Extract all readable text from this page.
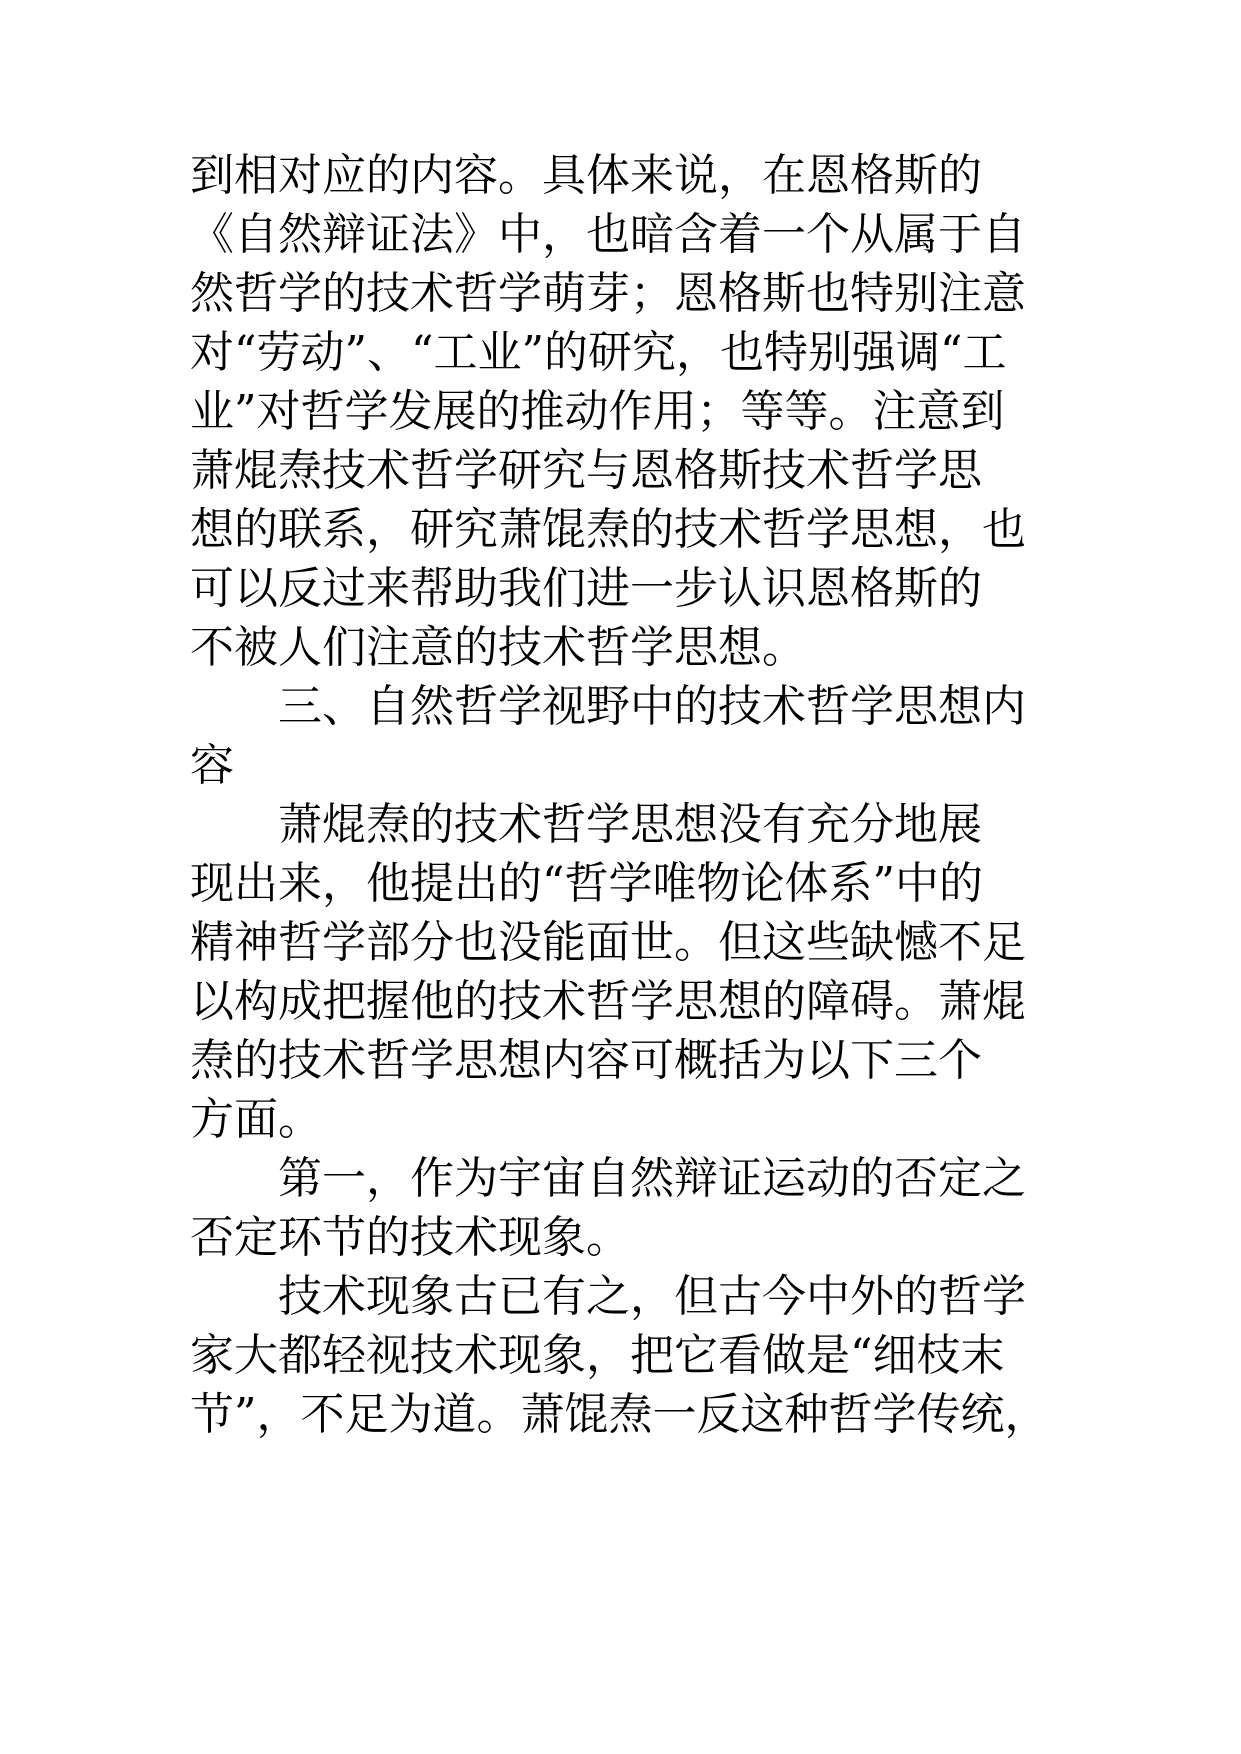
到相对应的内容。具体来说，在恩格斯的
《自然辩证法》中，也暗含着一个从属于自
然哲学的技术哲学萌芽；恩格斯也特别注意
对“劳动”、“工业”的研究，也特别强调“工
业”对哲学发展的推动作用；等等。注意到
萧焜焘技术哲学研究与恩格斯技术哲学思
想的联系，研究萧馄焘的技术哲学思想，也
可以反过来帮助我们进一步认识恩格斯的
不被人们注意的技术哲学思想。
三、自然哲学视野中的技术哲学思想内
容
萧焜焘的技术哲学思想没有充分地展
现出来，他提出的“哲学唯物论体系”中的
精神哲学部分也没能面世。但这些缺憾不足
以构成把握他的技术哲学思想的障碍。萧焜
焘的技术哲学思想内容可概括为以下三个
方面。
第一，作为宇宙自然辩证运动的否定之
否定环节的技术现象。
技术现象古已有之，但古今中外的哲学
家大都轻视技术现象，把它看做是“细枝末
节”，不足为道。萧馄焘一反这种哲学传统，
